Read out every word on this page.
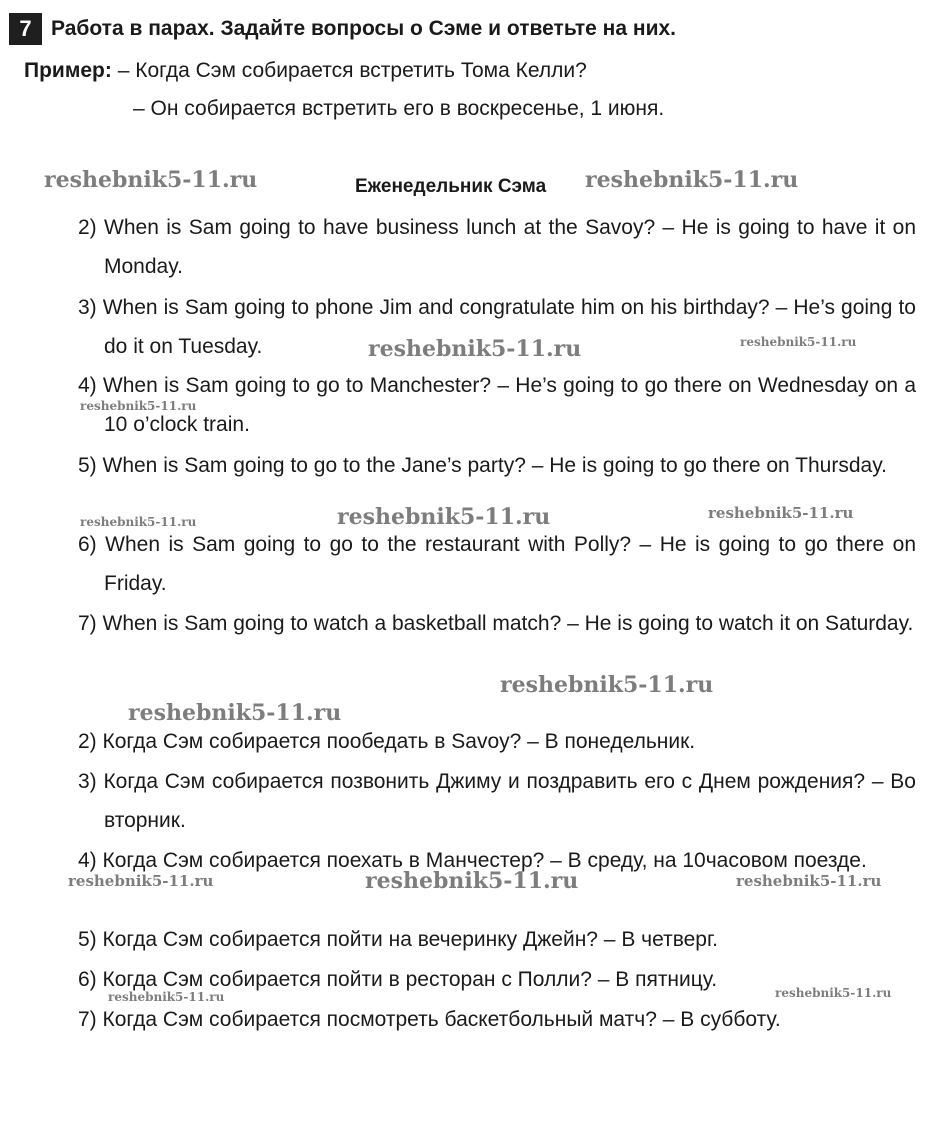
7 Работа в парах. Задайте вопросы о Сэме и ответьте на них.
Пример: – Когда Сэм собирается встретить Тома Келли?
– Он собирается встретить его в воскресенье, 1 июня.
Еженедельник Сэма
2) When is Sam going to have business lunch at the Savoy? – He is going to have it on Monday.
3) When is Sam going to phone Jim and congratulate him on his birthday? – He’s going to do it on Tuesday.
4) When is Sam going to go to Manchester? – He’s going to go there on Wednesday on a 10 o’clock train.
5) When is Sam going to go to the Jane’s party? – He is going to go there on Thursday.
6) When is Sam going to go to the restaurant with Polly? – He is going to go there on Friday.
7) When is Sam going to watch a basketball match? – He is going to watch it on Saturday.
2) Когда Сэм собирается пообедать в Savoy? – В понедельник.
3) Когда Сэм собирается позвонить Джиму и поздравить его с Днем рождения? – Во вторник.
4) Когда Сэм собирается поехать в Манчестер? – В среду, на 10часовом поезде.
5) Когда Сэм собирается пойти на вечеринку Джейн? – В четверг.
6) Когда Сэм собирается пойти в ресторан с Полли? – В пятницу.
7) Когда Сэм собирается посмотреть баскетбольный матч? – В субботу.
reshebnik5-11.ru	reshebnik5-11.ru
reshebnik5-11.ru	reshebnik5-11.ru
reshebnik5-11.ru
reshebnik5-11.ru
reshebnik5-11.ru	reshebnik5-11.ru
reshebnik5-11.ru
reshebnik5-11.ru
reshebnik5-11.ru	reshebnik5-11.ru	reshebnik5-11.ru
reshebnik5-11.ru	reshebnik5-11.ru
